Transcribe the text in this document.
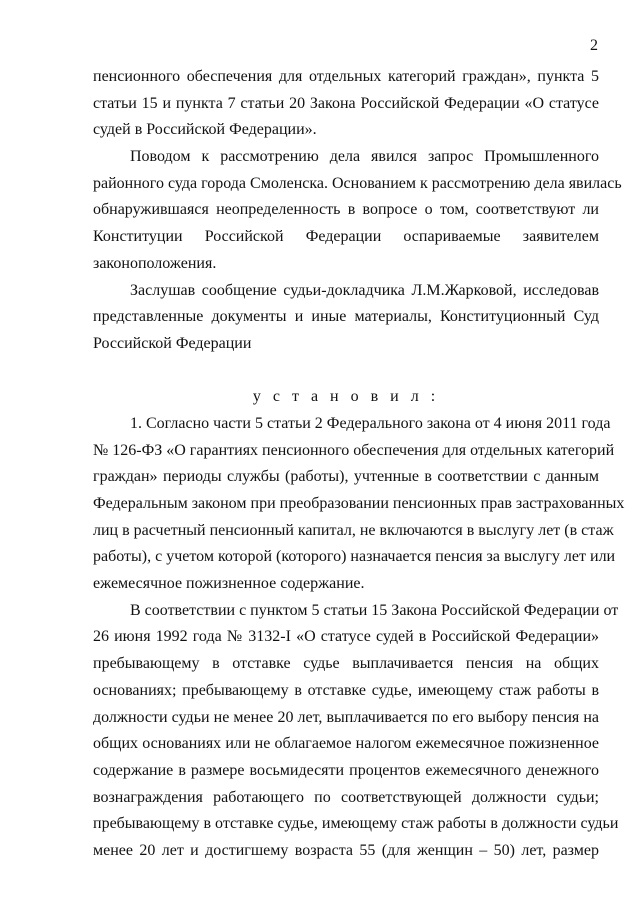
2
пенсионного обеспечения для отдельных категорий граждан», пункта 5
статьи 15 и пункта 7 статьи 20 Закона Российской Федерации «О статусе
судей в Российской Федерации».
Поводом к рассмотрению дела явился запрос Промышленного
районного суда города Смоленска. Основанием к рассмотрению дела явилась
обнаружившаяся неопределенность в вопросе о том, соответствуют ли
Конституции Российской Федерации оспариваемые заявителем
законоположения.
Заслушав сообщение судьи-докладчика Л.М.Жарковой, исследовав
представленные документы и иные материалы, Конституционный Суд
Российской Федерации
у с т а н о в и л :
1. Согласно части 5 статьи 2 Федерального закона от 4 июня 2011 года
№ 126-ФЗ «О гарантиях пенсионного обеспечения для отдельных категорий
граждан» периоды службы (работы), учтенные в соответствии с данным
Федеральным законом при преобразовании пенсионных прав застрахованных
лиц в расчетный пенсионный капитал, не включаются в выслугу лет (в стаж
работы), с учетом которой (которого) назначается пенсия за выслугу лет или
ежемесячное пожизненное содержание.
В соответствии с пунктом 5 статьи 15 Закона Российской Федерации от
26 июня 1992 года № 3132-I «О статусе судей в Российской Федерации»
пребывающему в отставке судье выплачивается пенсия на общих
основаниях; пребывающему в отставке судье, имеющему стаж работы в
должности судьи не менее 20 лет, выплачивается по его выбору пенсия на
общих основаниях или не облагаемое налогом ежемесячное пожизненное
содержание в размере восьмидесяти процентов ежемесячного денежного
вознаграждения работающего по соответствующей должности судьи;
пребывающему в отставке судье, имеющему стаж работы в должности судьи
менее 20 лет и достигшему возраста 55 (для женщин – 50) лет, размер
